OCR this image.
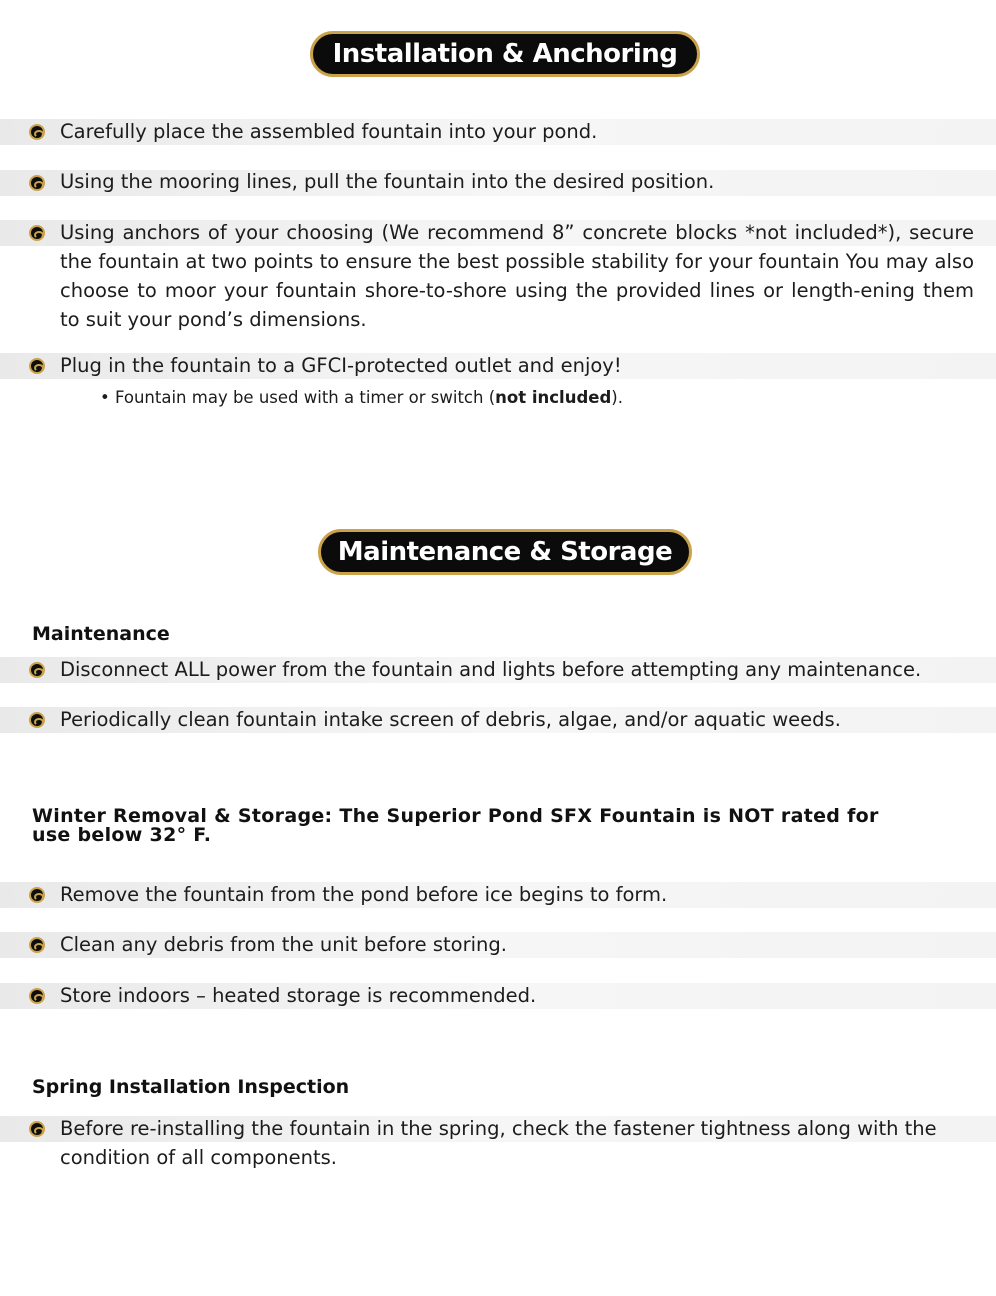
Installation & Anchoring
Carefully place the assembled fountain into your pond.
Using the mooring lines, pull the fountain into the desired position.
Using anchors of your choosing (We recommend 8” concrete blocks *not included*), secure the fountain at two points to ensure the best possible stability for your fountain You may also choose to moor your fountain shore-to-shore using the provided lines or length-ening them to suit your pond’s dimensions.
Plug in the fountain to a GFCI-protected outlet and enjoy!
• Fountain may be used with a timer or switch (not included).
Maintenance & Storage
Maintenance
Disconnect ALL power from the fountain and lights before attempting any maintenance.
Periodically clean fountain intake screen of debris, algae, and/or aquatic weeds.
Winter Removal & Storage: The Superior Pond SFX Fountain is NOT rated for use below 32° F.
Remove the fountain from the pond before ice begins to form.
Clean any debris from the unit before storing.
Store indoors – heated storage is recommended.
Spring Installation Inspection
Before re-installing the fountain in the spring, check the fastener tightness along with the condition of all components.
